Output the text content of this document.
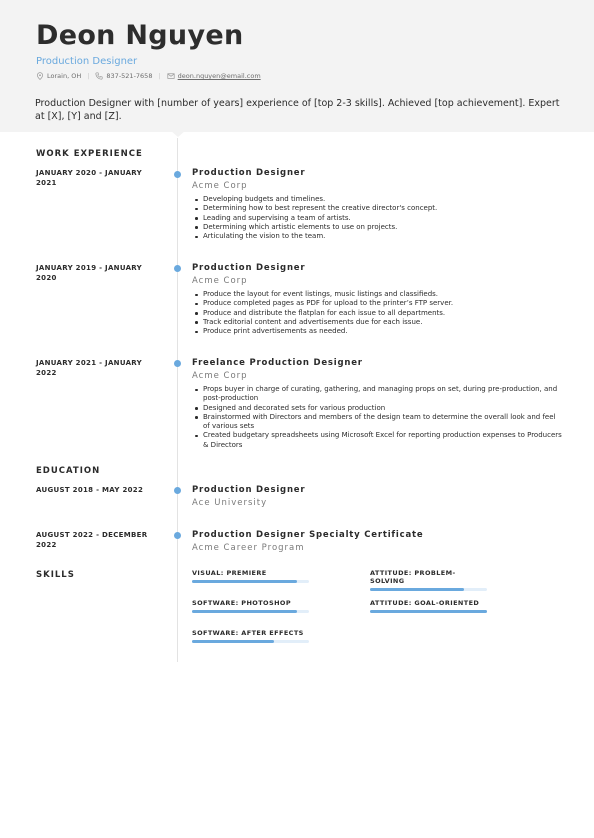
Deon Nguyen
Production Designer
Lorain, OH |	837-521-7658 |	deon.nguyen@email.com
Production Designer with [number of years] experience of [top 2-3 skills]. Achieved [top achievement]. Expert at [X], [Y] and [Z].
WORK EXPERIENCE
JANUARY 2020 - JANUARY 2021
Production Designer
Acme Corp
Developing budgets and timelines.
Determining how to best represent the creative director's concept.
Leading and supervising a team of artists.
Determining which artistic elements to use on projects.
Articulating the vision to the team.
JANUARY 2019 - JANUARY 2020
Production Designer
Acme Corp
Produce the layout for event listings, music listings and classifieds.
Produce completed pages as PDF for upload to the printer’s FTP server.
Produce and distribute the flatplan for each issue to all departments.
Track editorial content and advertisements due for each issue.
Produce print advertisements as needed.
JANUARY 2021 - JANUARY 2022
Freelance Production Designer
Acme Corp
Props buyer in charge of curating, gathering, and managing props on set, during pre-production, and post-production
Designed and decorated sets for various production
Brainstormed with Directors and members of the design team to determine the overall look and feel of various sets
Created budgetary spreadsheets using Microsoft Excel for reporting production expenses to Producers & Directors
EDUCATION
AUGUST 2018 - MAY 2022	Production Designer
Ace University
AUGUST 2022 - DECEMBER 2022
Production Designer Specialty Certificate
Acme Career Program
SKILLS	VISUAL: PREMIERE	ATTITUDE: PROBLEM-SOLVING
SOFTWARE: PHOTOSHOP	ATTITUDE: GOAL-ORIENTED
SOFTWARE: AFTER EFFECTS
